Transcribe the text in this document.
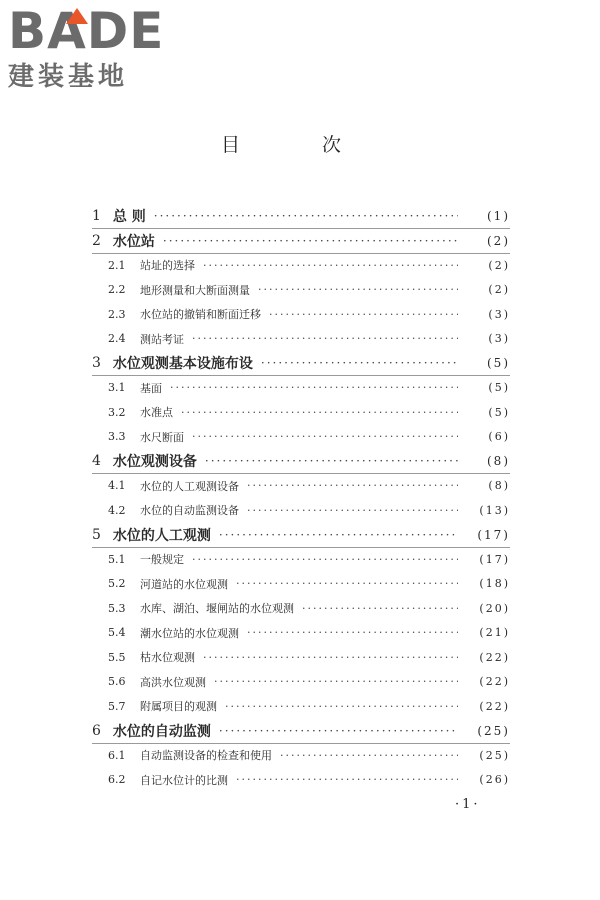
BADE
建装基地
目 次
1 总 则 ·····	(1)
2 水位站 ·····	(2)
2.1	站址的选择 ·····	(2)
2.2	地形测量和大断面测量 ·····	(2)
2.3	水位站的撤销和断面迁移 ·····	(3)
2.4	测站考证 ·····	(3)
3 水位观测基本设施布设 ·····	(5)
3.1	基面 ·····	(5)
3.2	水准点 ·····	(5)
3.3	水尺断面 ·····	(6)
4 水位观测设备 ·····	(8)
4.1	水位的人工观测设备 ·····	(8)
4.2	水位的自动监测设备 ·····	(13)
5 水位的人工观测 ·····	(17)
5.1	一般规定 ·····	(17)
5.2	河道站的水位观测 ·····	(18)
5.3	水库、湖泊、堰闸站的水位观测 ·····	(20)
5.4	潮水位站的水位观测 ·····	(21)
5.5	枯水位观测 ·····	(22)
5.6	高洪水位观测 ·····	(22)
5.7	附属项目的观测 ·····	(22)
6 水位的自动监测 ·····	(25)
6.1	自动监测设备的检查和使用 ·····	(25)
6.2	自记水位计的比测 ·····	(26)
·1·
